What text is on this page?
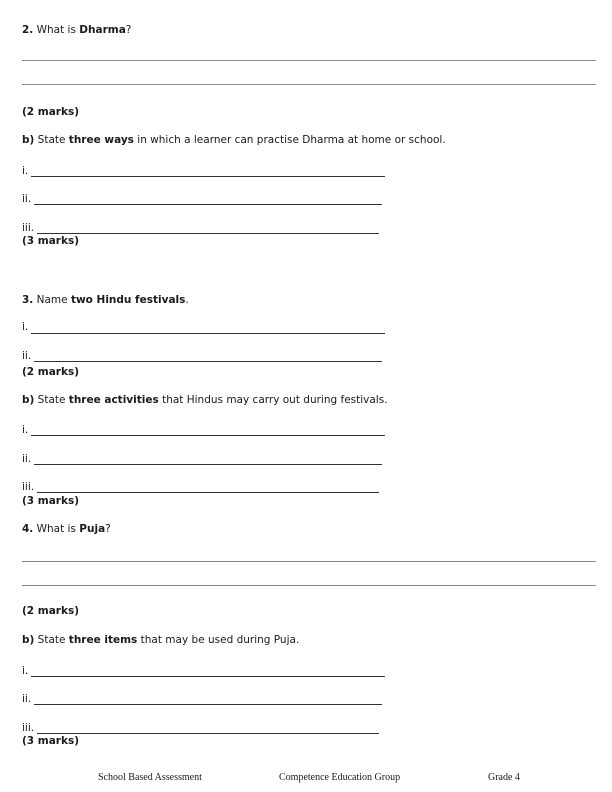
2. What is Dharma?
(2 marks)
b) State three ways in which a learner can practise Dharma at home or school.
i.
ii.
iii.
(3 marks)
3. Name two Hindu festivals.
i.
ii.
(2 marks)
b) State three activities that Hindus may carry out during festivals.
i.
ii.
iii.
(3 marks)
4. What is Puja?
(2 marks)
b) State three items that may be used during Puja.
i.
ii.
iii.
(3 marks)
School Based Assessment	Competence Education Group	Grade 4
